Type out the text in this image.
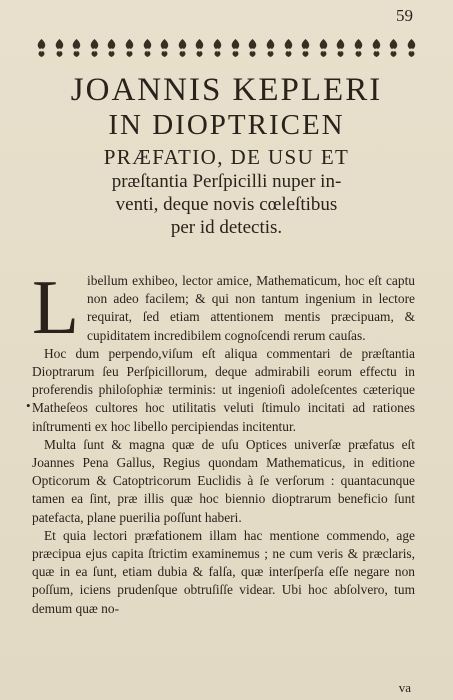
59
JOANNIS KEPLERI
IN DIOPTRICEN
PRÆFATIO, DE USU ET
præſtantia Perſpicilli nuper in-
venti, deque novis cœleſtibus
per id detectis.
•
L ibellum exhibeo, lector amice, Mathematicum, hoc eſt captu non adeo facilem; & qui non tantum ingenium in lectore requirat, ſed etiam attentionem mentis præcipuam, & cupiditatem incredibilem cognoſcendi rerum cauſas.

Hoc dum perpendo,viſum eſt aliqua commentari de præſtantia Dioptrarum ſeu Perſpicillorum, deque admirabili eorum effectu in proferendis philoſophiæ terminis: ut ingenioſi adoleſcentes cæterique Matheſeos cultores hoc utilitatis veluti ſtimulo incitati ad rationes inſtrumenti ex hoc libello percipiendas incitentur.

Multa ſunt & magna quæ de uſu Optices univerſæ præfatus eſt Joannes Pena Gallus, Regius quondam Mathematicus, in editione Opticorum & Catoptricorum Euclidis à ſe verſorum : quantacunque tamen ea ſint, præ illis quæ hoc biennio dioptrarum beneficio ſunt patefacta, plane puerilia poſſunt haberi.

Et quia lectori præfationem illam hac mentione commendo, age præcipua ejus capita ſtrictim examinemus ; ne cum veris & præclaris, quæ in ea ſunt, etiam dubia & falſa, quæ interſperſa eſſe negare non poſſum, iciens prudenſque obtruſiſſe videar. Ubi hoc abſolvero, tum demum quæ no-

va
